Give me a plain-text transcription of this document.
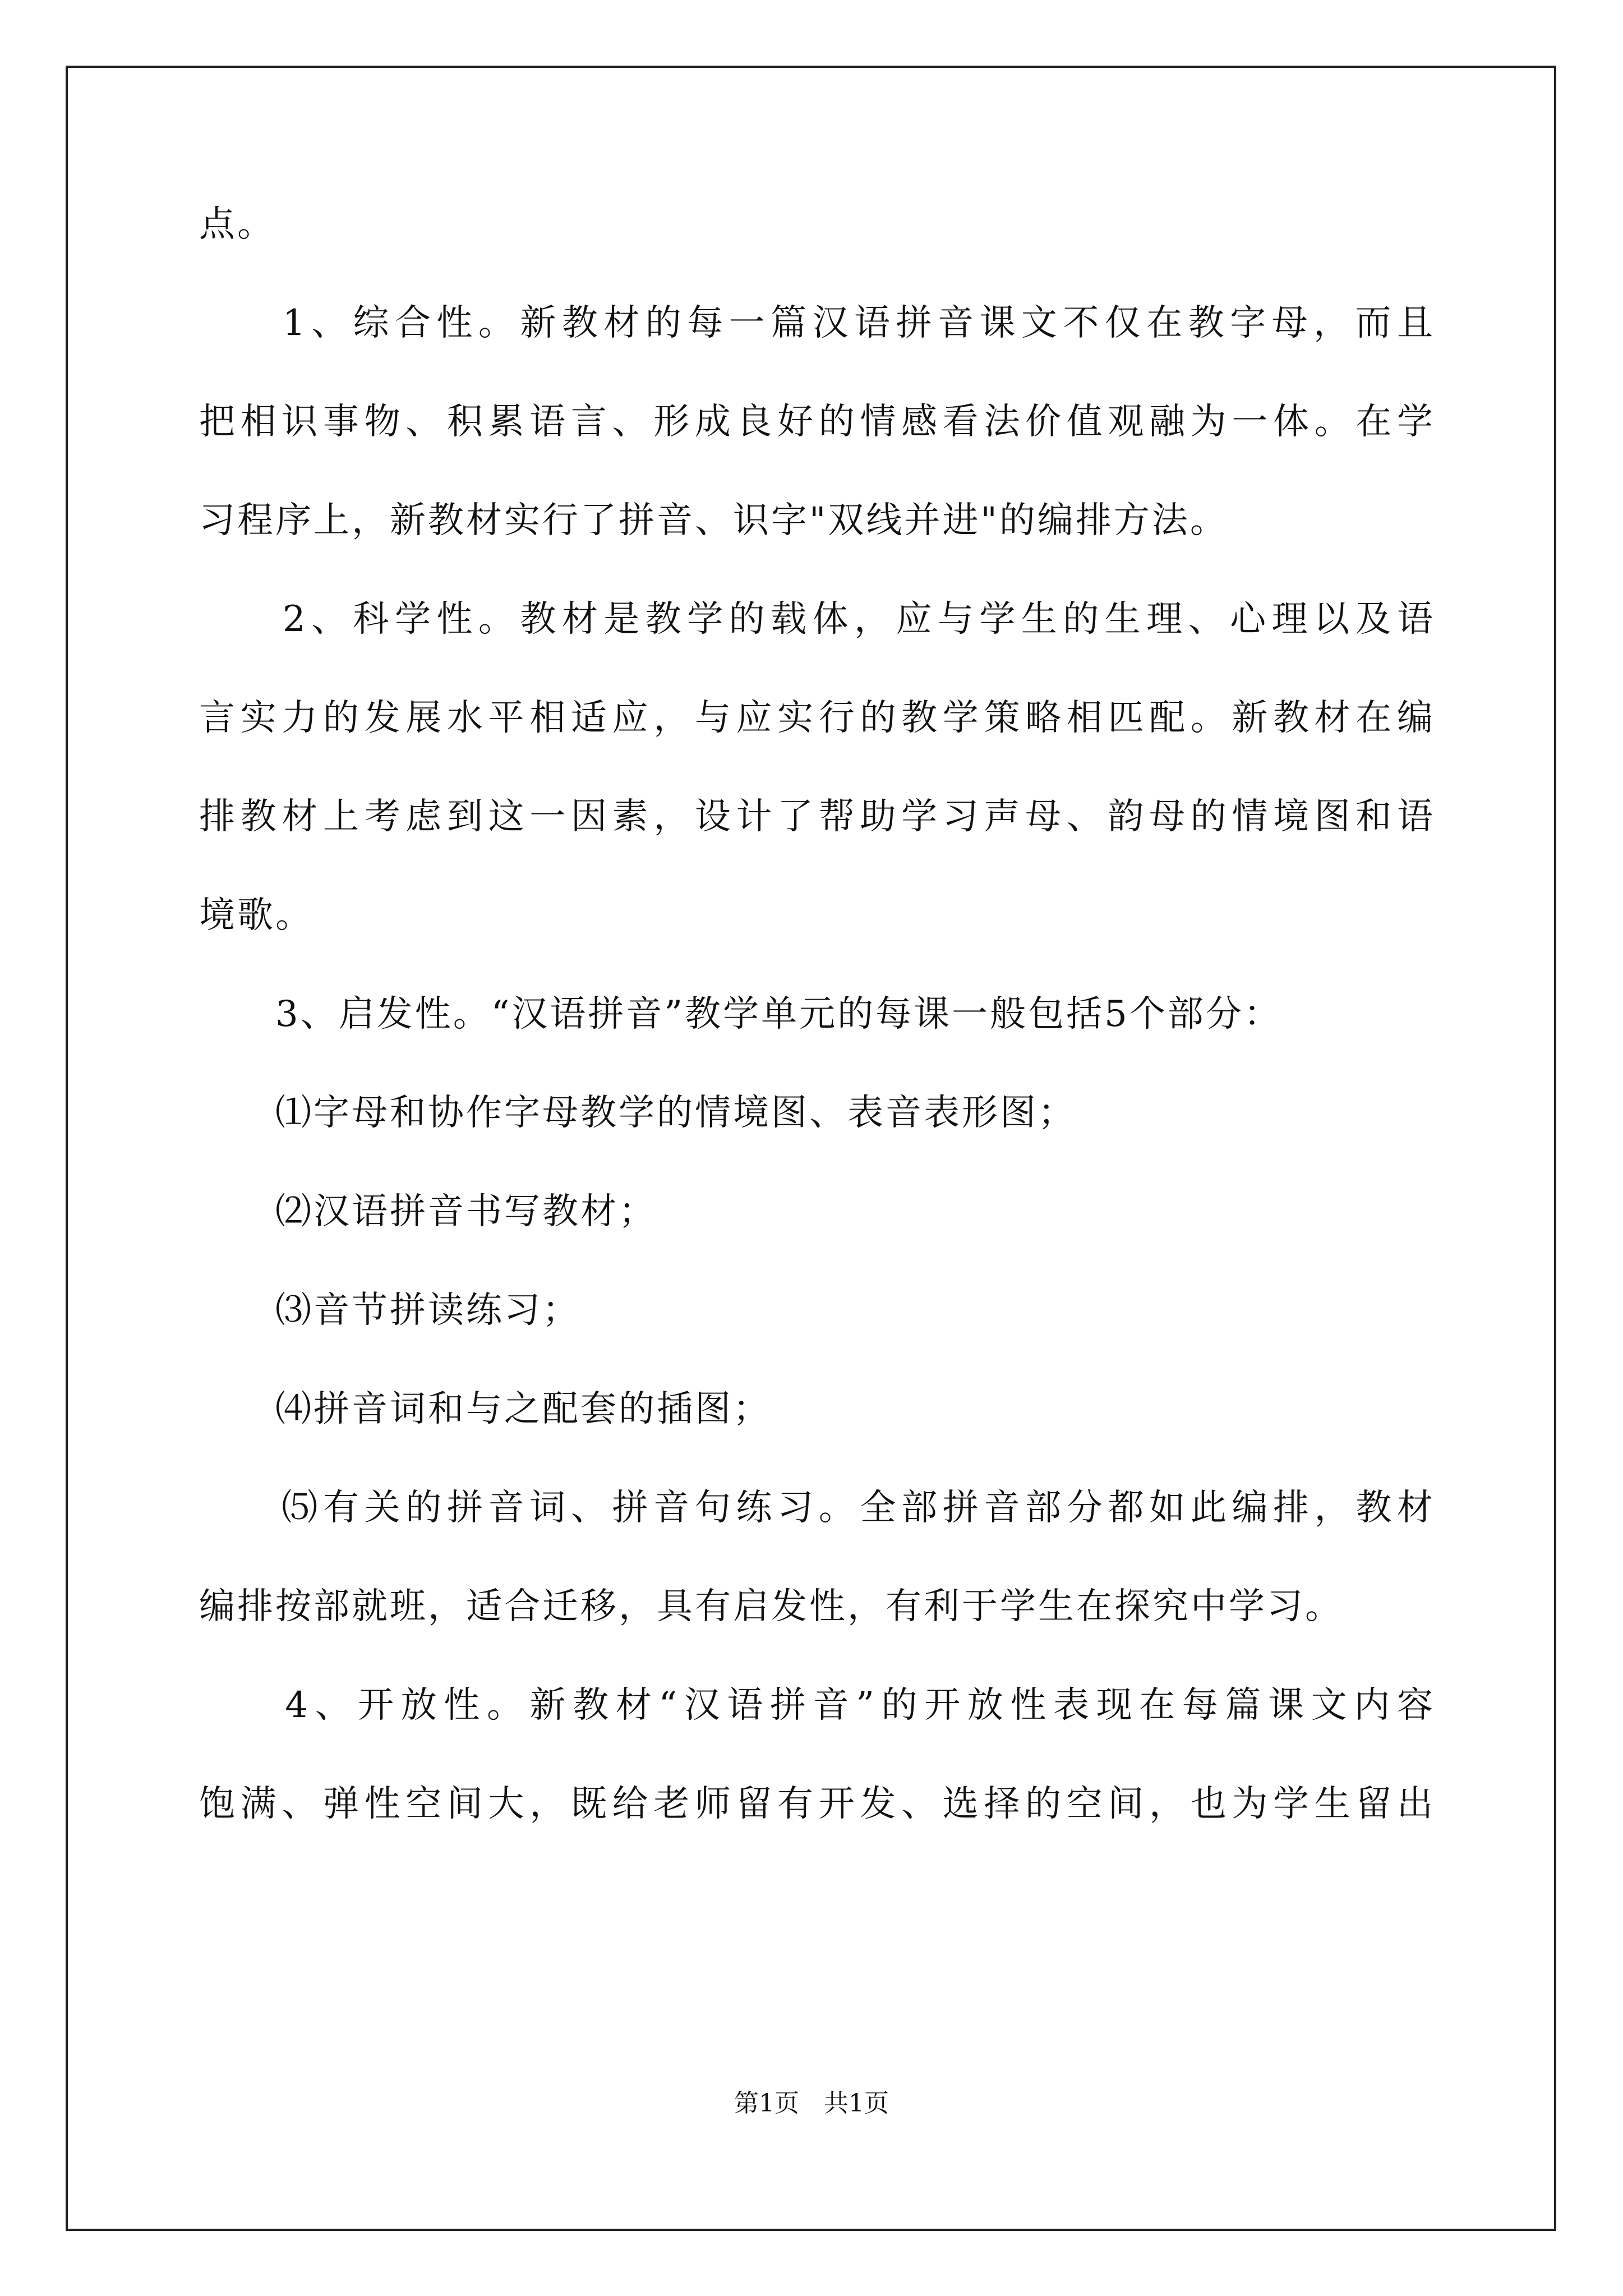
点。
　　1、综合性。新教材的每一篇汉语拼音课文不仅在教字母，而且
把相识事物、积累语言、形成良好的情感看法价值观融为一体。在学
习程序上，新教材实行了拼音、识字"双线并进"的编排方法。
　　2、科学性。教材是教学的载体，应与学生的生理、心理以及语
言实力的发展水平相适应，与应实行的教学策略相匹配。新教材在编
排教材上考虑到这一因素，设计了帮助学习声母、韵母的情境图和语
境歌。
　　3、启发性。“汉语拼音”教学单元的每课一般包括5个部分：
　　⑴字母和协作字母教学的情境图、表音表形图；
　　⑵汉语拼音书写教材；
　　⑶音节拼读练习；
　　⑷拼音词和与之配套的插图；
　　⑸有关的拼音词、拼音句练习。全部拼音部分都如此编排，教材
编排按部就班，适合迁移，具有启发性，有利于学生在探究中学习。
　　4、开放性。新教材“汉语拼音”的开放性表现在每篇课文内容
饱满、弹性空间大，既给老师留有开发、选择的空间，也为学生留出
第1页　共1页
